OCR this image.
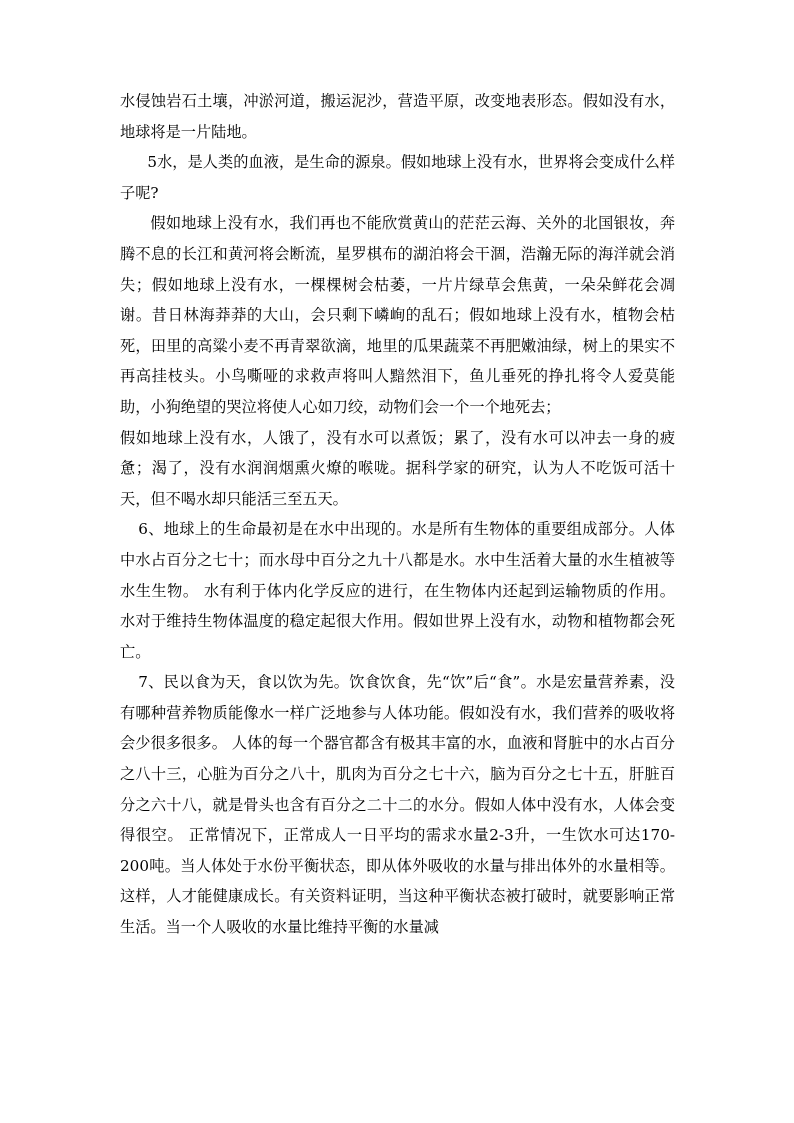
水侵蚀岩石土壤，冲淤河道，搬运泥沙，营造平原，改变地表形态。假如没有水，地球将是一片陆地。

5水，是人类的血液，是生命的源泉。假如地球上没有水，世界将会变成什么样子呢?

假如地球上没有水，我们再也不能欣赏黄山的茫茫云海、关外的北国银妆，奔腾不息的长江和黄河将会断流，星罗棋布的湖泊将会干涸，浩瀚无际的海洋就会消失；假如地球上没有水，一棵棵树会枯萎，一片片绿草会焦黄，一朵朵鲜花会凋谢。昔日林海莽莽的大山，会只剩下嶙峋的乱石；假如地球上没有水，植物会枯死，田里的高粱小麦不再青翠欲滴，地里的瓜果蔬菜不再肥嫩油绿，树上的果实不再高挂枝头。小鸟嘶哑的求救声将叫人黯然泪下，鱼儿垂死的挣扎将令人爱莫能助，小狗绝望的哭泣将使人心如刀绞，动物们会一个一个地死去；

假如地球上没有水，人饿了，没有水可以煮饭；累了，没有水可以冲去一身的疲惫；渴了，没有水润润烟熏火燎的喉咙。据科学家的研究，认为人不吃饭可活十天，但不喝水却只能活三至五天。

6、地球上的生命最初是在水中出现的。水是所有生物体的重要组成部分。人体中水占百分之七十；而水母中百分之九十八都是水。水中生活着大量的水生植被等水生生物。 水有利于体内化学反应的进行，在生物体内还起到运输物质的作用。 水对于维持生物体温度的稳定起很大作用。假如世界上没有水，动物和植物都会死亡。

7、民以食为天，食以饮为先。饮食饮食，先“饮”后“食”。水是宏量营养素，没有哪种营养物质能像水一样广泛地参与人体功能。假如没有水，我们营养的吸收将会少很多很多。 人体的每一个器官都含有极其丰富的水，血液和肾脏中的水占百分之八十三，心脏为百分之八十，肌肉为百分之七十六，脑为百分之七十五，肝脏百分之六十八，就是骨头也含有百分之二十二的水分。假如人体中没有水，人体会变得很空。 正常情况下，正常成人一日平均的需求水量2-3升，一生饮水可达170-200吨。当人体处于水份平衡状态，即从体外吸收的水量与排出体外的水量相等。这样，人才能健康成长。有关资料证明，当这种平衡状态被打破时，就要影响正常生活。当一个人吸收的水量比维持平衡的水量减
